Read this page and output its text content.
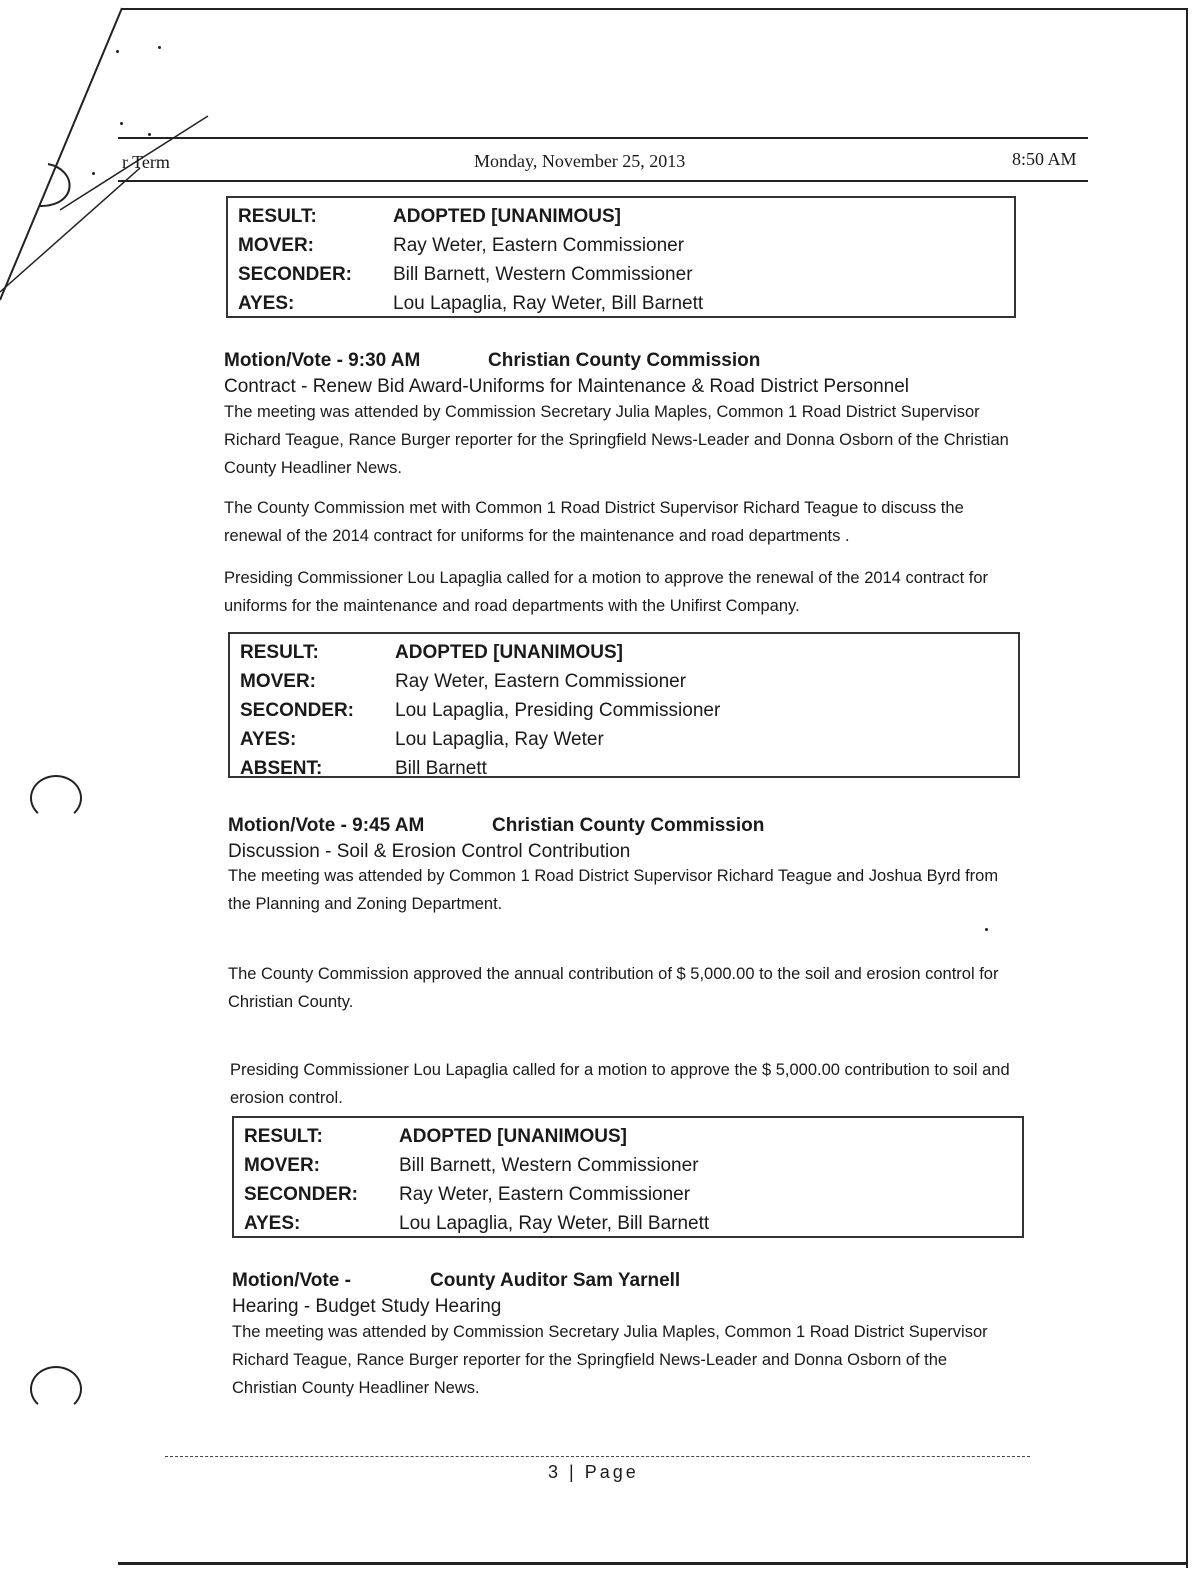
r Term	Monday, November 25, 2013	8:50 AM
RESULT:	ADOPTED [UNANIMOUS]
MOVER:	Ray Weter, Eastern Commissioner
SECONDER:	Bill Barnett, Western Commissioner
AYES:	Lou Lapaglia, Ray Weter, Bill Barnett
Motion/Vote - 9:30 AM	Christian County Commission
Contract - Renew Bid Award-Uniforms for Maintenance & Road District Personnel
The meeting was attended by Commission Secretary Julia Maples, Common 1 Road District Supervisor Richard Teague, Rance Burger reporter for the Springfield News-Leader and Donna Osborn of the Christian County Headliner News.
The County Commission met with Common 1 Road District Supervisor Richard Teague to discuss the renewal of the 2014 contract for uniforms for the maintenance and road departments .
Presiding Commissioner Lou Lapaglia called for a motion to approve the renewal of the 2014 contract for uniforms for the maintenance and road departments with the Unifirst Company.
RESULT:	ADOPTED [UNANIMOUS]
MOVER:	Ray Weter, Eastern Commissioner
SECONDER:	Lou Lapaglia, Presiding Commissioner
AYES:	Lou Lapaglia, Ray Weter
ABSENT:	Bill Barnett
Motion/Vote - 9:45 AM	Christian County Commission
Discussion - Soil & Erosion Control Contribution
The meeting was attended by Common 1 Road District Supervisor Richard Teague and Joshua Byrd from the Planning and Zoning Department.
The County Commission approved the annual contribution of $ 5,000.00 to the soil and erosion control for Christian County.
Presiding Commissioner Lou Lapaglia called for a motion to approve the $ 5,000.00 contribution to soil and erosion control.
RESULT:	ADOPTED [UNANIMOUS]
MOVER:	Bill Barnett, Western Commissioner
SECONDER:	Ray Weter, Eastern Commissioner
AYES:	Lou Lapaglia, Ray Weter, Bill Barnett
Motion/Vote -	County Auditor Sam Yarnell
Hearing - Budget Study Hearing
The meeting was attended by Commission Secretary Julia Maples, Common 1 Road District Supervisor Richard Teague, Rance Burger reporter for the Springfield News-Leader and Donna Osborn of the Christian County Headliner News.
3 | Page
